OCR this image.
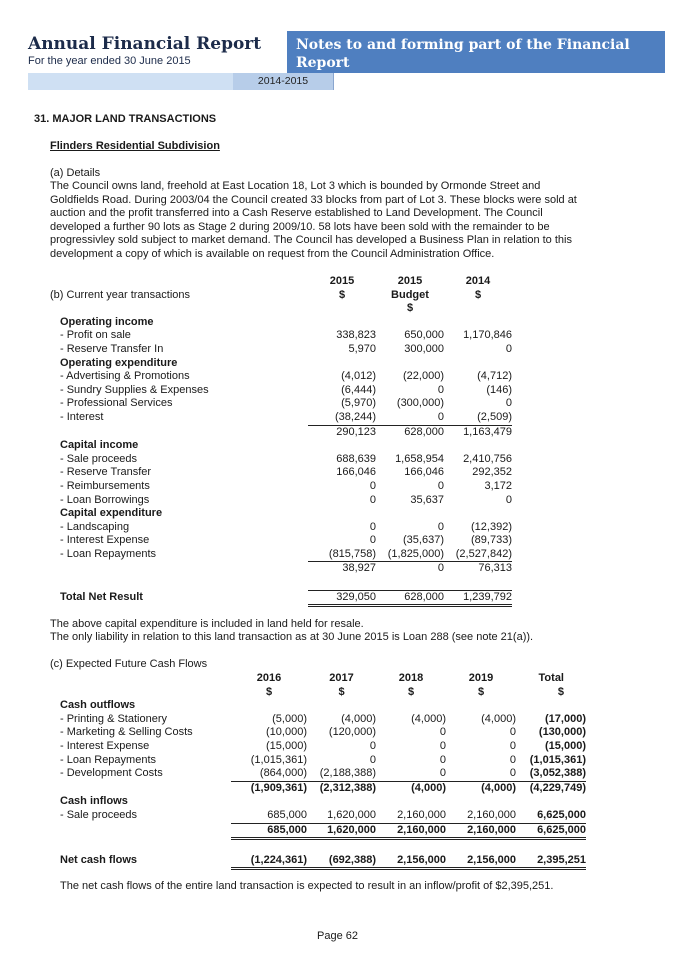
Annual Financial Report
For the year ended 30 June 2015
Notes to and forming part of the Financial Report
2014-2015
31. MAJOR LAND TRANSACTIONS
Flinders Residential Subdivision
(a) Details
The Council owns land, freehold at East Location 18, Lot 3 which is bounded by Ormonde Street and Goldfields Road. During 2003/04 the Council created 33 blocks from part of Lot 3. These blocks were sold at auction and the profit transferred into a Cash Reserve established to Land Development. The Council developed a further 90 lots as Stage 2 during 2009/10. 58 lots have been sold with the remainder to be progressivley sold subject to market demand. The Council has developed a Business Plan in relation to this development a copy of which is available on request from the Council Administration Office.
	2015	2015	2014
(b) Current year transactions	$	Budget	$
		$	
Operating income			
- Profit on sale	338,823	650,000	1,170,846
- Reserve Transfer In	5,970	300,000	0
Operating expenditure			
- Advertising & Promotions	(4,012)	(22,000)	(4,712)
- Sundry Supplies & Expenses	(6,444)	0	(146)
- Professional Services	(5,970)	(300,000)	0
- Interest	(38,244)	0	(2,509)
	290,123	628,000	1,163,479
Capital income			
- Sale proceeds	688,639	1,658,954	2,410,756
- Reserve Transfer	166,046	166,046	292,352
- Reimbursements	0	0	3,172
- Loan Borrowings	0	35,637	0
Capital expenditure			
- Landscaping	0	0	(12,392)
- Interest Expense	0	(35,637)	(89,733)
- Loan Repayments	(815,758)	(1,825,000)	(2,527,842)
	38,927	0	76,313

Total Net Result	329,050	628,000	1,239,792
The above capital expenditure is included in land held for resale.
The only liability in relation to this land transaction as at 30 June 2015 is Loan 288 (see note 21(a)).
(c) Expected Future Cash Flows
	2016	2017	2018	2019	Total
	$	$	$	$	$
Cash outflows					
- Printing & Stationery	(5,000)	(4,000)	(4,000)	(4,000)	(17,000)
- Marketing & Selling Costs	(10,000)	(120,000)	0	0	(130,000)
- Interest Expense	(15,000)	0	0	0	(15,000)
- Loan Repayments	(1,015,361)	0	0	0	(1,015,361)
- Development Costs	(864,000)	(2,188,388)	0	0	(3,052,388)
	(1,909,361)	(2,312,388)	(4,000)	(4,000)	(4,229,749)
Cash inflows					
- Sale proceeds	685,000	1,620,000	2,160,000	2,160,000	6,625,000
	685,000	1,620,000	2,160,000	2,160,000	6,625,000

Net cash flows	(1,224,361)	(692,388)	2,156,000	2,156,000	2,395,251
The net cash flows of the entire land transaction is expected to result in an inflow/profit of $2,395,251.
Page 62
